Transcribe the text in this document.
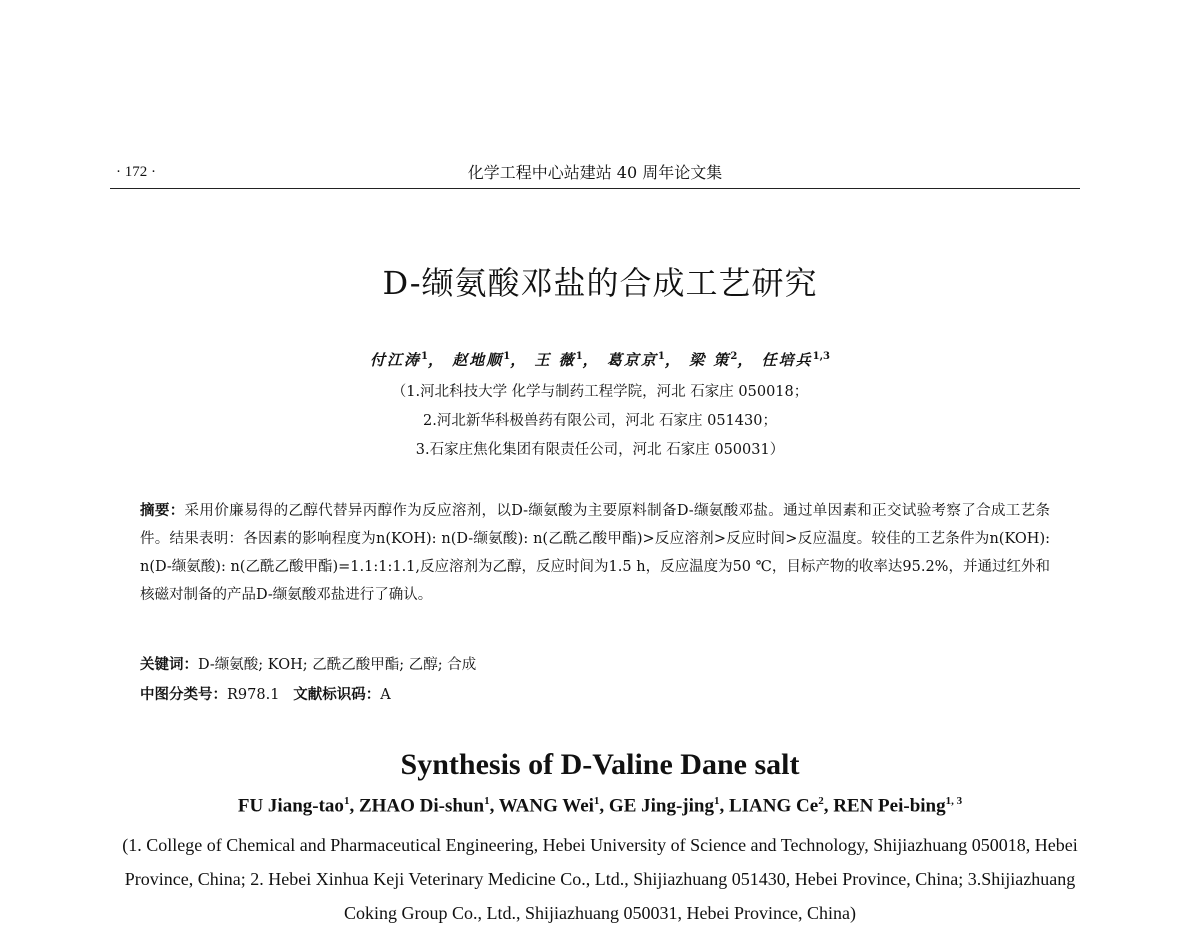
· 172 ·	化学工程中心站建站 40 周年论文集
D-缬氨酸邓盐的合成工艺研究
付江涛$^1$， 赵地顺$^1$， 王 薇$^1$， 葛京京$^1$， 梁 策$^2$， 任培兵$^{1,3}$
（1.河北科技大学 化学与制药工程学院，河北 石家庄 050018；
2.河北新华科极兽药有限公司，河北 石家庄 051430；
3.石家庄焦化集团有限责任公司，河北 石家庄 050031）
摘要：采用价廉易得的乙醇代替异丙醇作为反应溶剂，以D-缬氨酸为主要原料制备D-缬氨酸邓盐。通过单因素和正交试验考察了合成工艺条件。结果表明：各因素的影响程度为n(KOH): n(D-缬氨酸): n(乙酰乙酸甲酯)>反应溶剂>反应时间>反应温度。较佳的工艺条件为n(KOH): n(D-缬氨酸): n(乙酰乙酸甲酯)=1.1:1:1.1,反应溶剂为乙醇，反应时间为1.5 h，反应温度为50 ℃，目标产物的收率达95.2%，并通过红外和核磁对制备的产品D-缬氨酸邓盐进行了确认。
关键词：D-缬氨酸; KOH; 乙酰乙酸甲酯; 乙醇; 合成
中图分类号：R978.1 文献标识码：A
Synthesis of D-Valine Dane salt
FU Jiang-tao$^1$, ZHAO Di-shun$^1$, WANG Wei$^1$, GE Jing-jing$^1$, LIANG Ce$^2$, REN Pei-bing$^{1, 3}$
(1. College of Chemical and Pharmaceutical Engineering, Hebei University of Science and Technology, Shijiazhuang 050018, Hebei Province, China; 2. Hebei Xinhua Keji Veterinary Medicine Co., Ltd., Shijiazhuang 051430, Hebei Province, China; 3.Shijiazhuang Coking Group Co., Ltd., Shijiazhuang 050031, Hebei Province, China)
